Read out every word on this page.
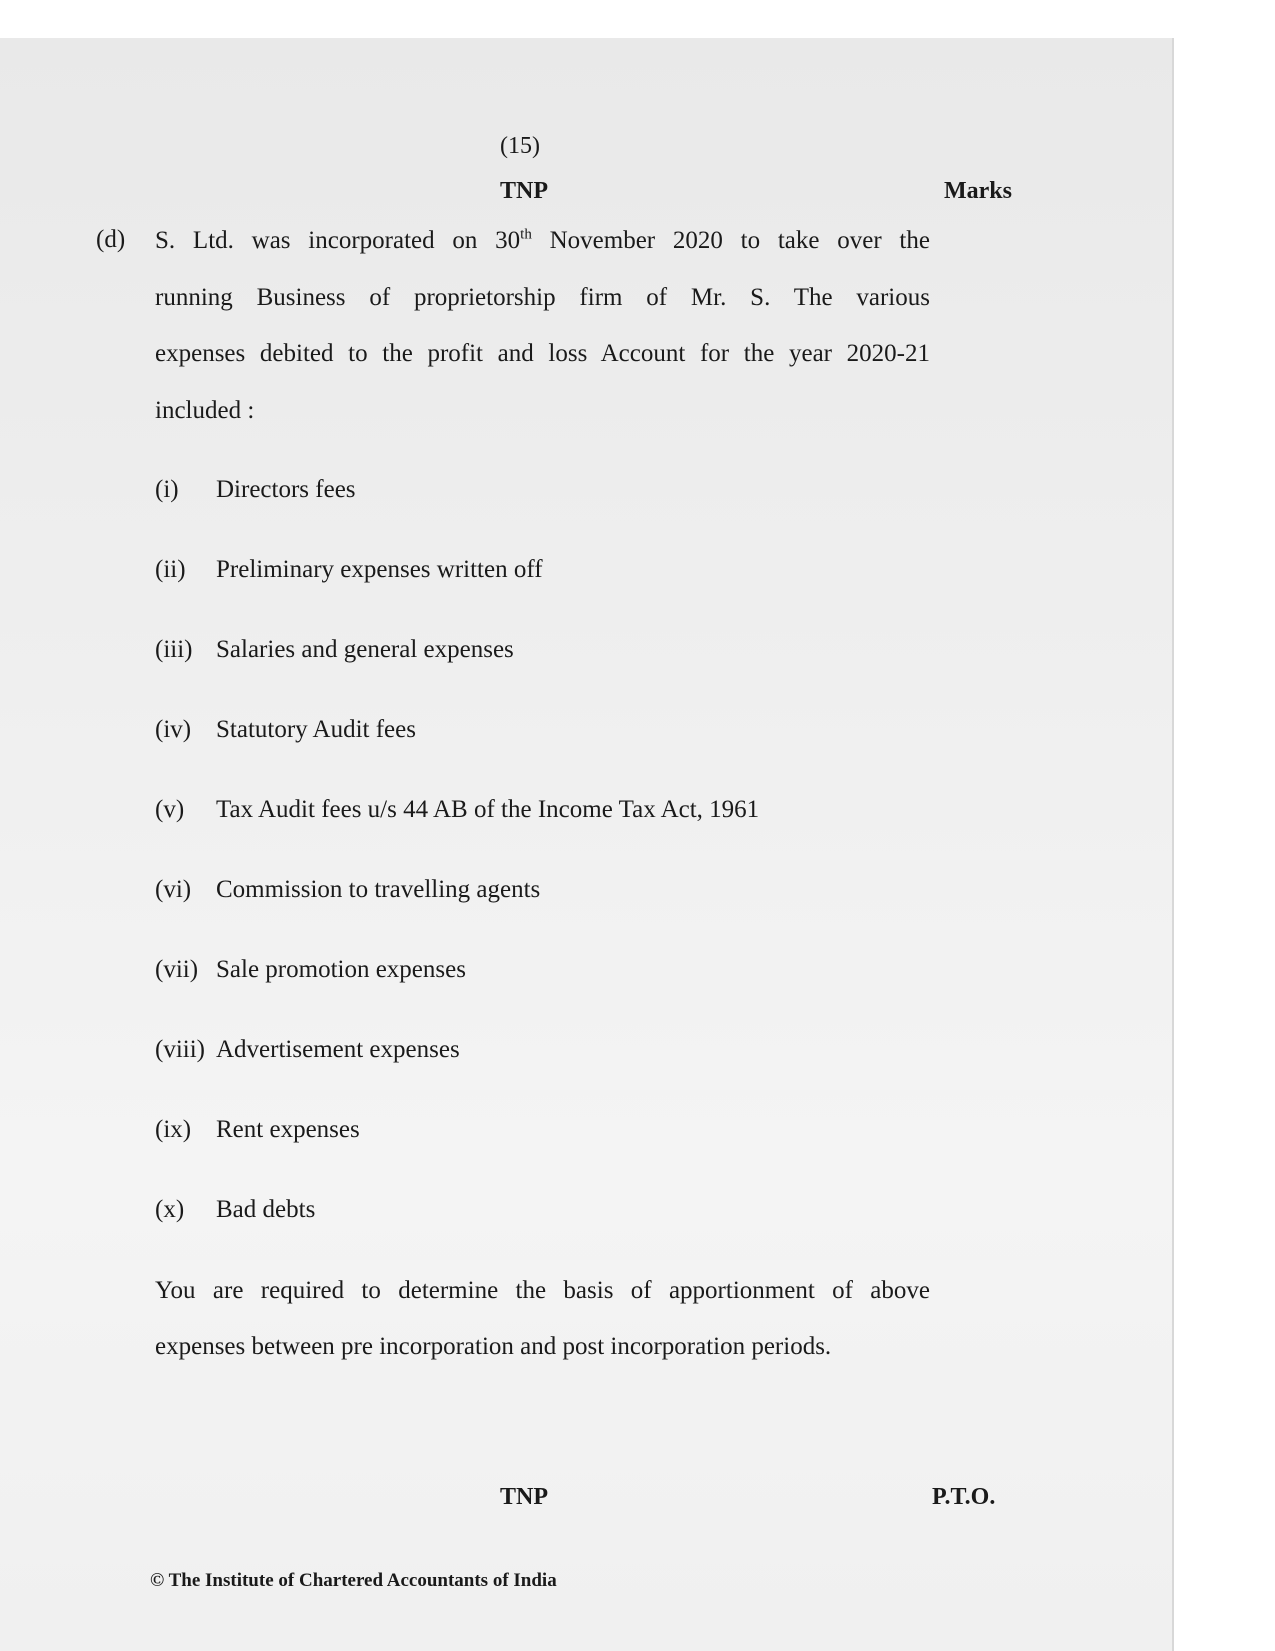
(15)
TNP	Marks
(d) S. Ltd. was incorporated on 30th November 2020 to take over the
running Business of proprietorship firm of Mr. S. The various
expenses debited to the profit and loss Account for the year 2020-21
included :
(i) Directors fees
(ii) Preliminary expenses written off
(iii) Salaries and general expenses
(iv) Statutory Audit fees
(v) Tax Audit fees u/s 44 AB of the Income Tax Act, 1961
(vi) Commission to travelling agents
(vii) Sale promotion expenses
(viii) Advertisement expenses
(ix) Rent expenses
(x) Bad debts
You are required to determine the basis of apportionment of above
expenses between pre incorporation and post incorporation periods.
TNP	P.T.O.
© The Institute of Chartered Accountants of India
